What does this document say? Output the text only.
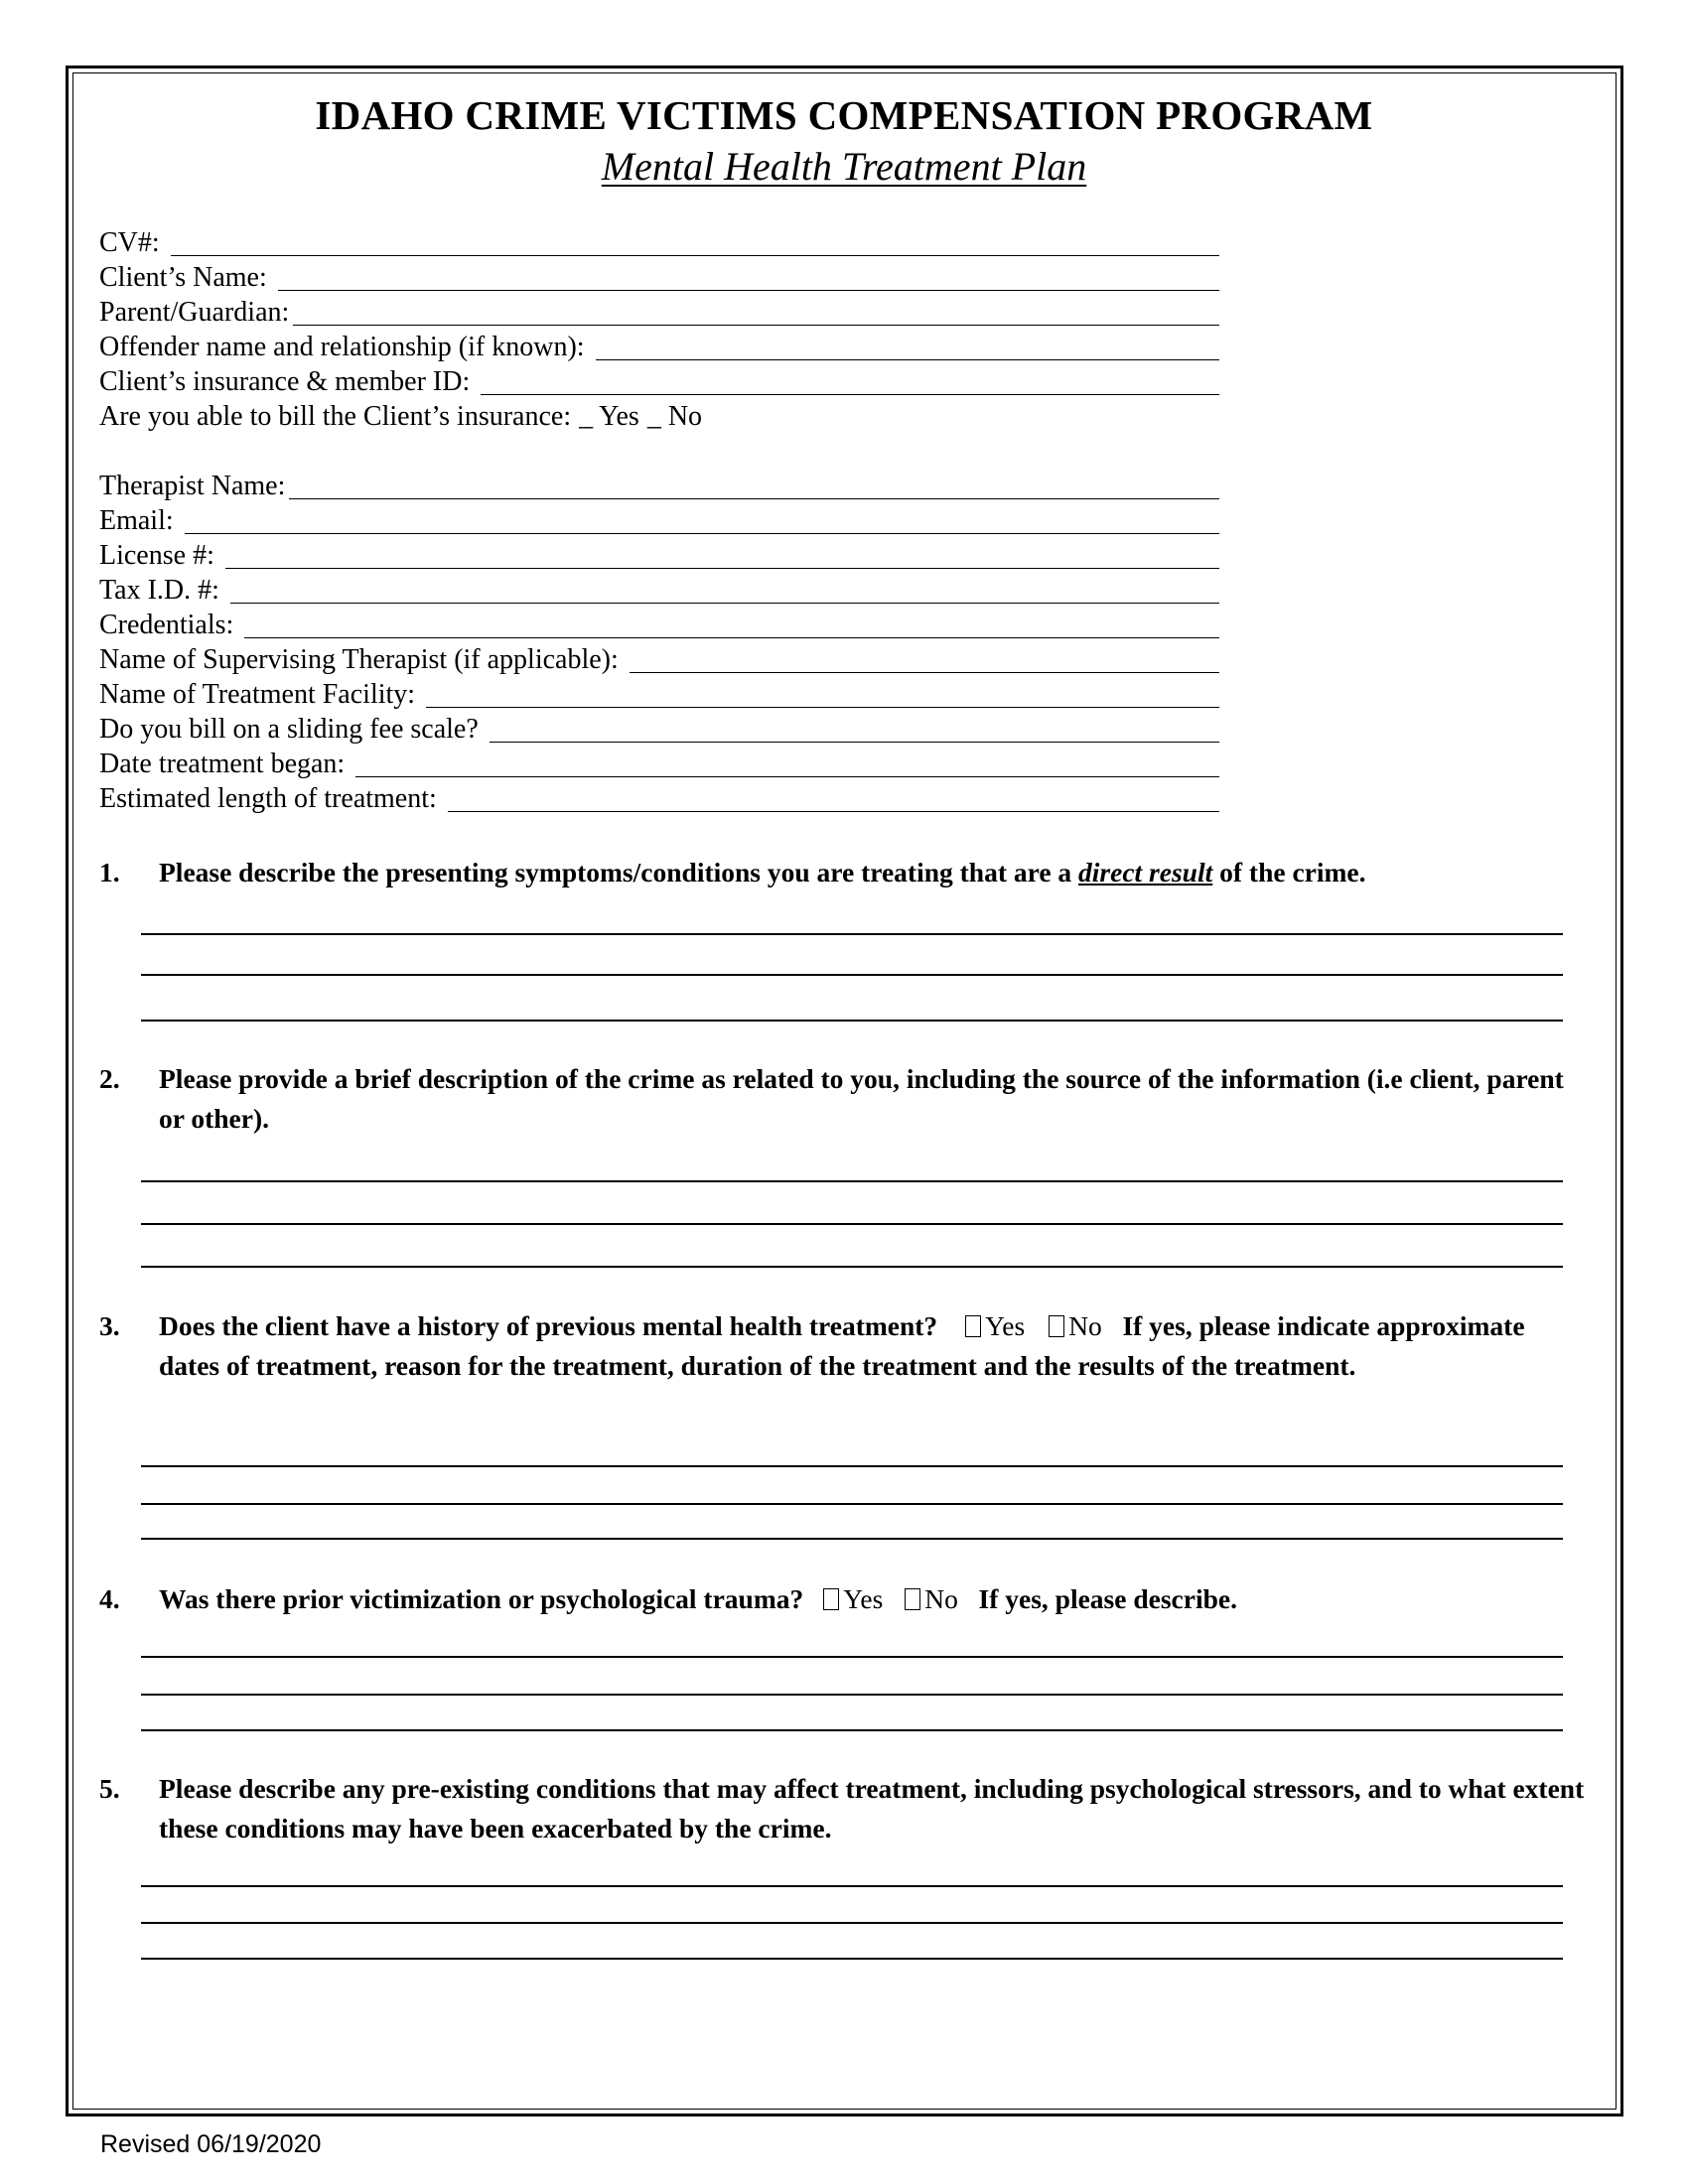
IDAHO CRIME VICTIMS COMPENSATION PROGRAM
Mental Health Treatment Plan
CV#:
Client’s Name:
Parent/Guardian:
Offender name and relationship (if known):
Client’s insurance & member ID:
Are you able to bill the Client’s insurance: _ Yes _ No
Therapist Name:
Email:
License #:
Tax I.D. #:
Credentials:
Name of Supervising Therapist (if applicable):
Name of Treatment Facility:
Do you bill on a sliding fee scale?
Date treatment began:
Estimated length of treatment:
1. Please describe the presenting symptoms/conditions you are treating that are a direct result of the crime.
2. Please provide a brief description of the crime as related to you, including the source of the information (i.e client, parent or other).
3. Does the client have a history of previous mental health treatment? Yes No If yes, please indicate approximate dates of treatment, reason for the treatment, duration of the treatment and the results of the treatment.
4. Was there prior victimization or psychological trauma? Yes No If yes, please describe.
5. Please describe any pre-existing conditions that may affect treatment, including psychological stressors, and to what extent these conditions may have been exacerbated by the crime.
Revised 06/19/2020
